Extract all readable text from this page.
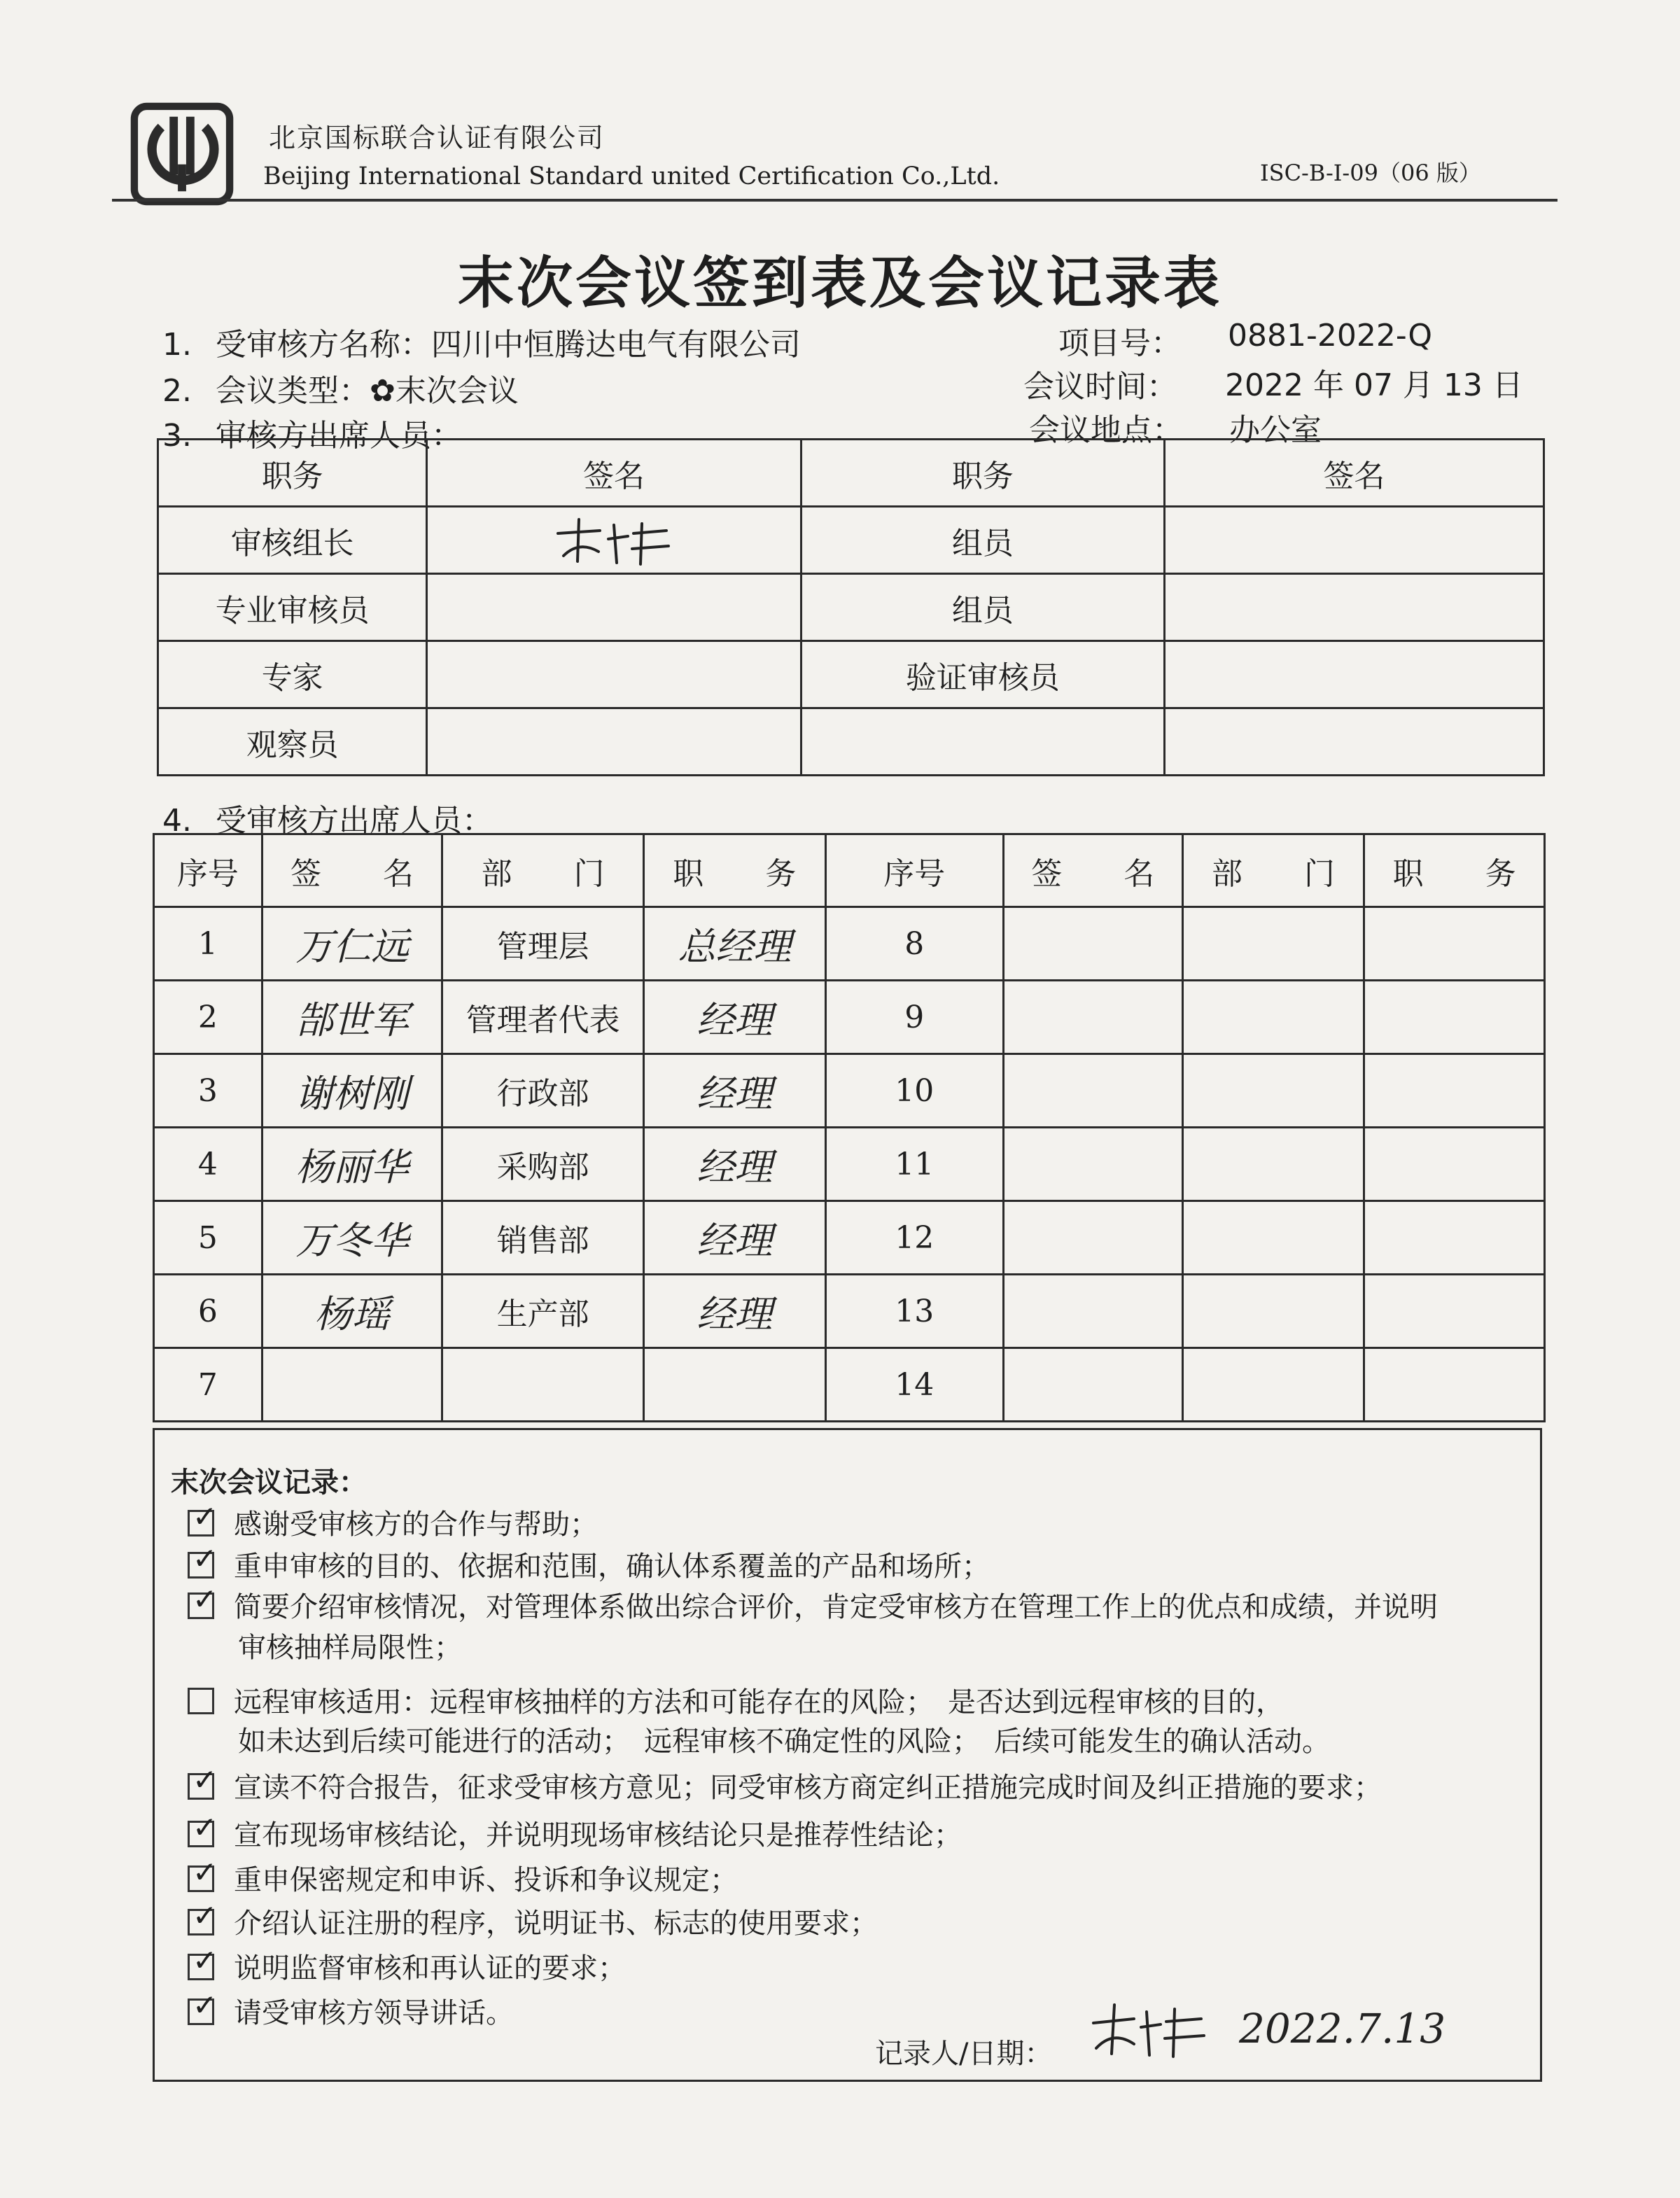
北京国标联合认证有限公司
Beijing International Standard united Certification Co.,Ltd.	ISC-B-I-09（06 版）
末次会议签到表及会议记录表
1. 受审核方名称：四川中恒腾达电气有限公司	项目号： 0881-2022-Q
2. 会议类型：✿末次会议	会议时间： 2022 年 07 月 13 日
3. 审核方出席人员：	会议地点： 办公室
职务	签名	职务	签名
审核组长		组员	
专业审核员		组员	
专家		验证审核员	
观察员			
4. 受审核方出席人员：
序号	签　　名	部　　门	职　　务	序号	签　　名	部　　门	职　　务
1	万仁远	管理层	总经理	8			
2	郜世军	管理者代表	经理	9			
3	谢树刚	行政部	经理	10			
4	杨丽华	采购部	经理	11			
5	万冬华	销售部	经理	12			
6	杨瑶	生产部	经理	13			
7				14			
末次会议记录：
✓ 感谢受审核方的合作与帮助；
✓ 重申审核的目的、依据和范围，确认体系覆盖的产品和场所；
✓ 简要介绍审核情况，对管理体系做出综合评价，肯定受审核方在管理工作上的优点和成绩，并说明
审核抽样局限性；
远程审核适用：远程审核抽样的方法和可能存在的风险；　是否达到远程审核的目的，
如未达到后续可能进行的活动；　远程审核不确定性的风险；　后续可能发生的确认活动。
✓ 宣读不符合报告，征求受审核方意见；同受审核方商定纠正措施完成时间及纠正措施的要求；
✓ 宣布现场审核结论，并说明现场审核结论只是推荐性结论；
✓ 重申保密规定和申诉、投诉和争议规定；
✓ 介绍认证注册的程序，说明证书、标志的使用要求；
✓ 说明监督审核和再认证的要求；
✓ 请受审核方领导讲话。
记录人/日期：
2022.7.13
